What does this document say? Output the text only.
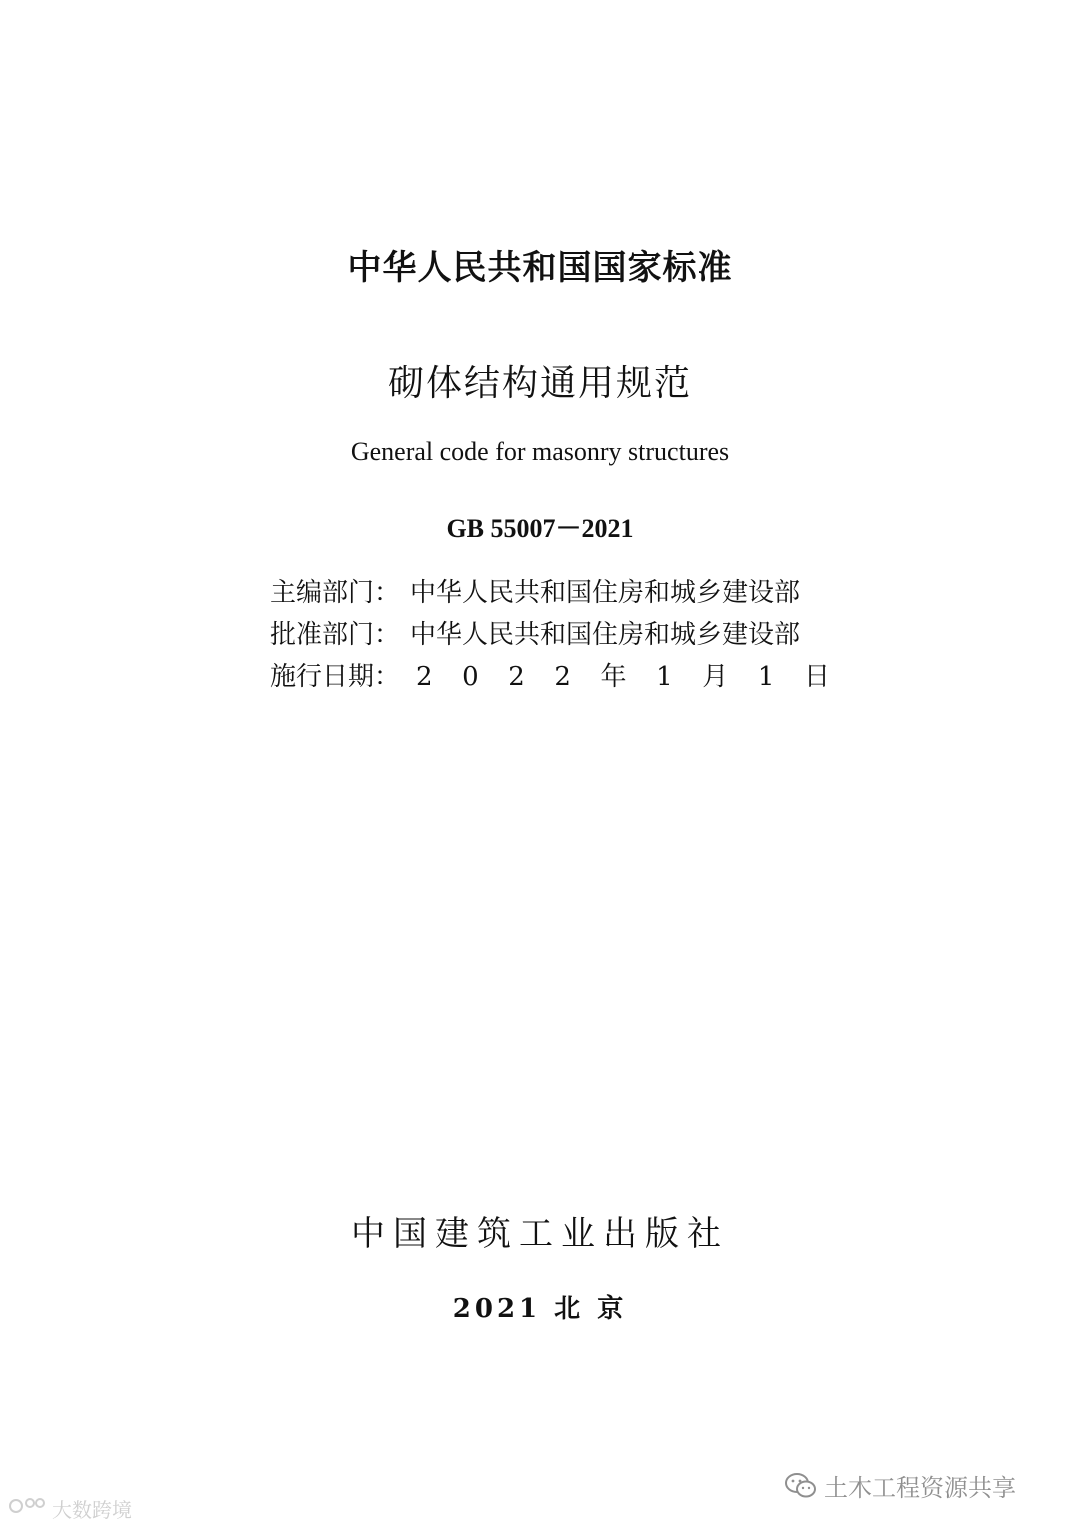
中华人民共和国国家标准
砌体结构通用规范
General code for masonry structures
GB 55007－2021
主编部门： 中华人民共和国住房和城乡建设部
批准部门： 中华人民共和国住房和城乡建设部
施行日期： 2 0 2 2 年 1 月 1 日
中国建筑工业出版社
2021 北 京
大数跨境
土木工程资源共享
